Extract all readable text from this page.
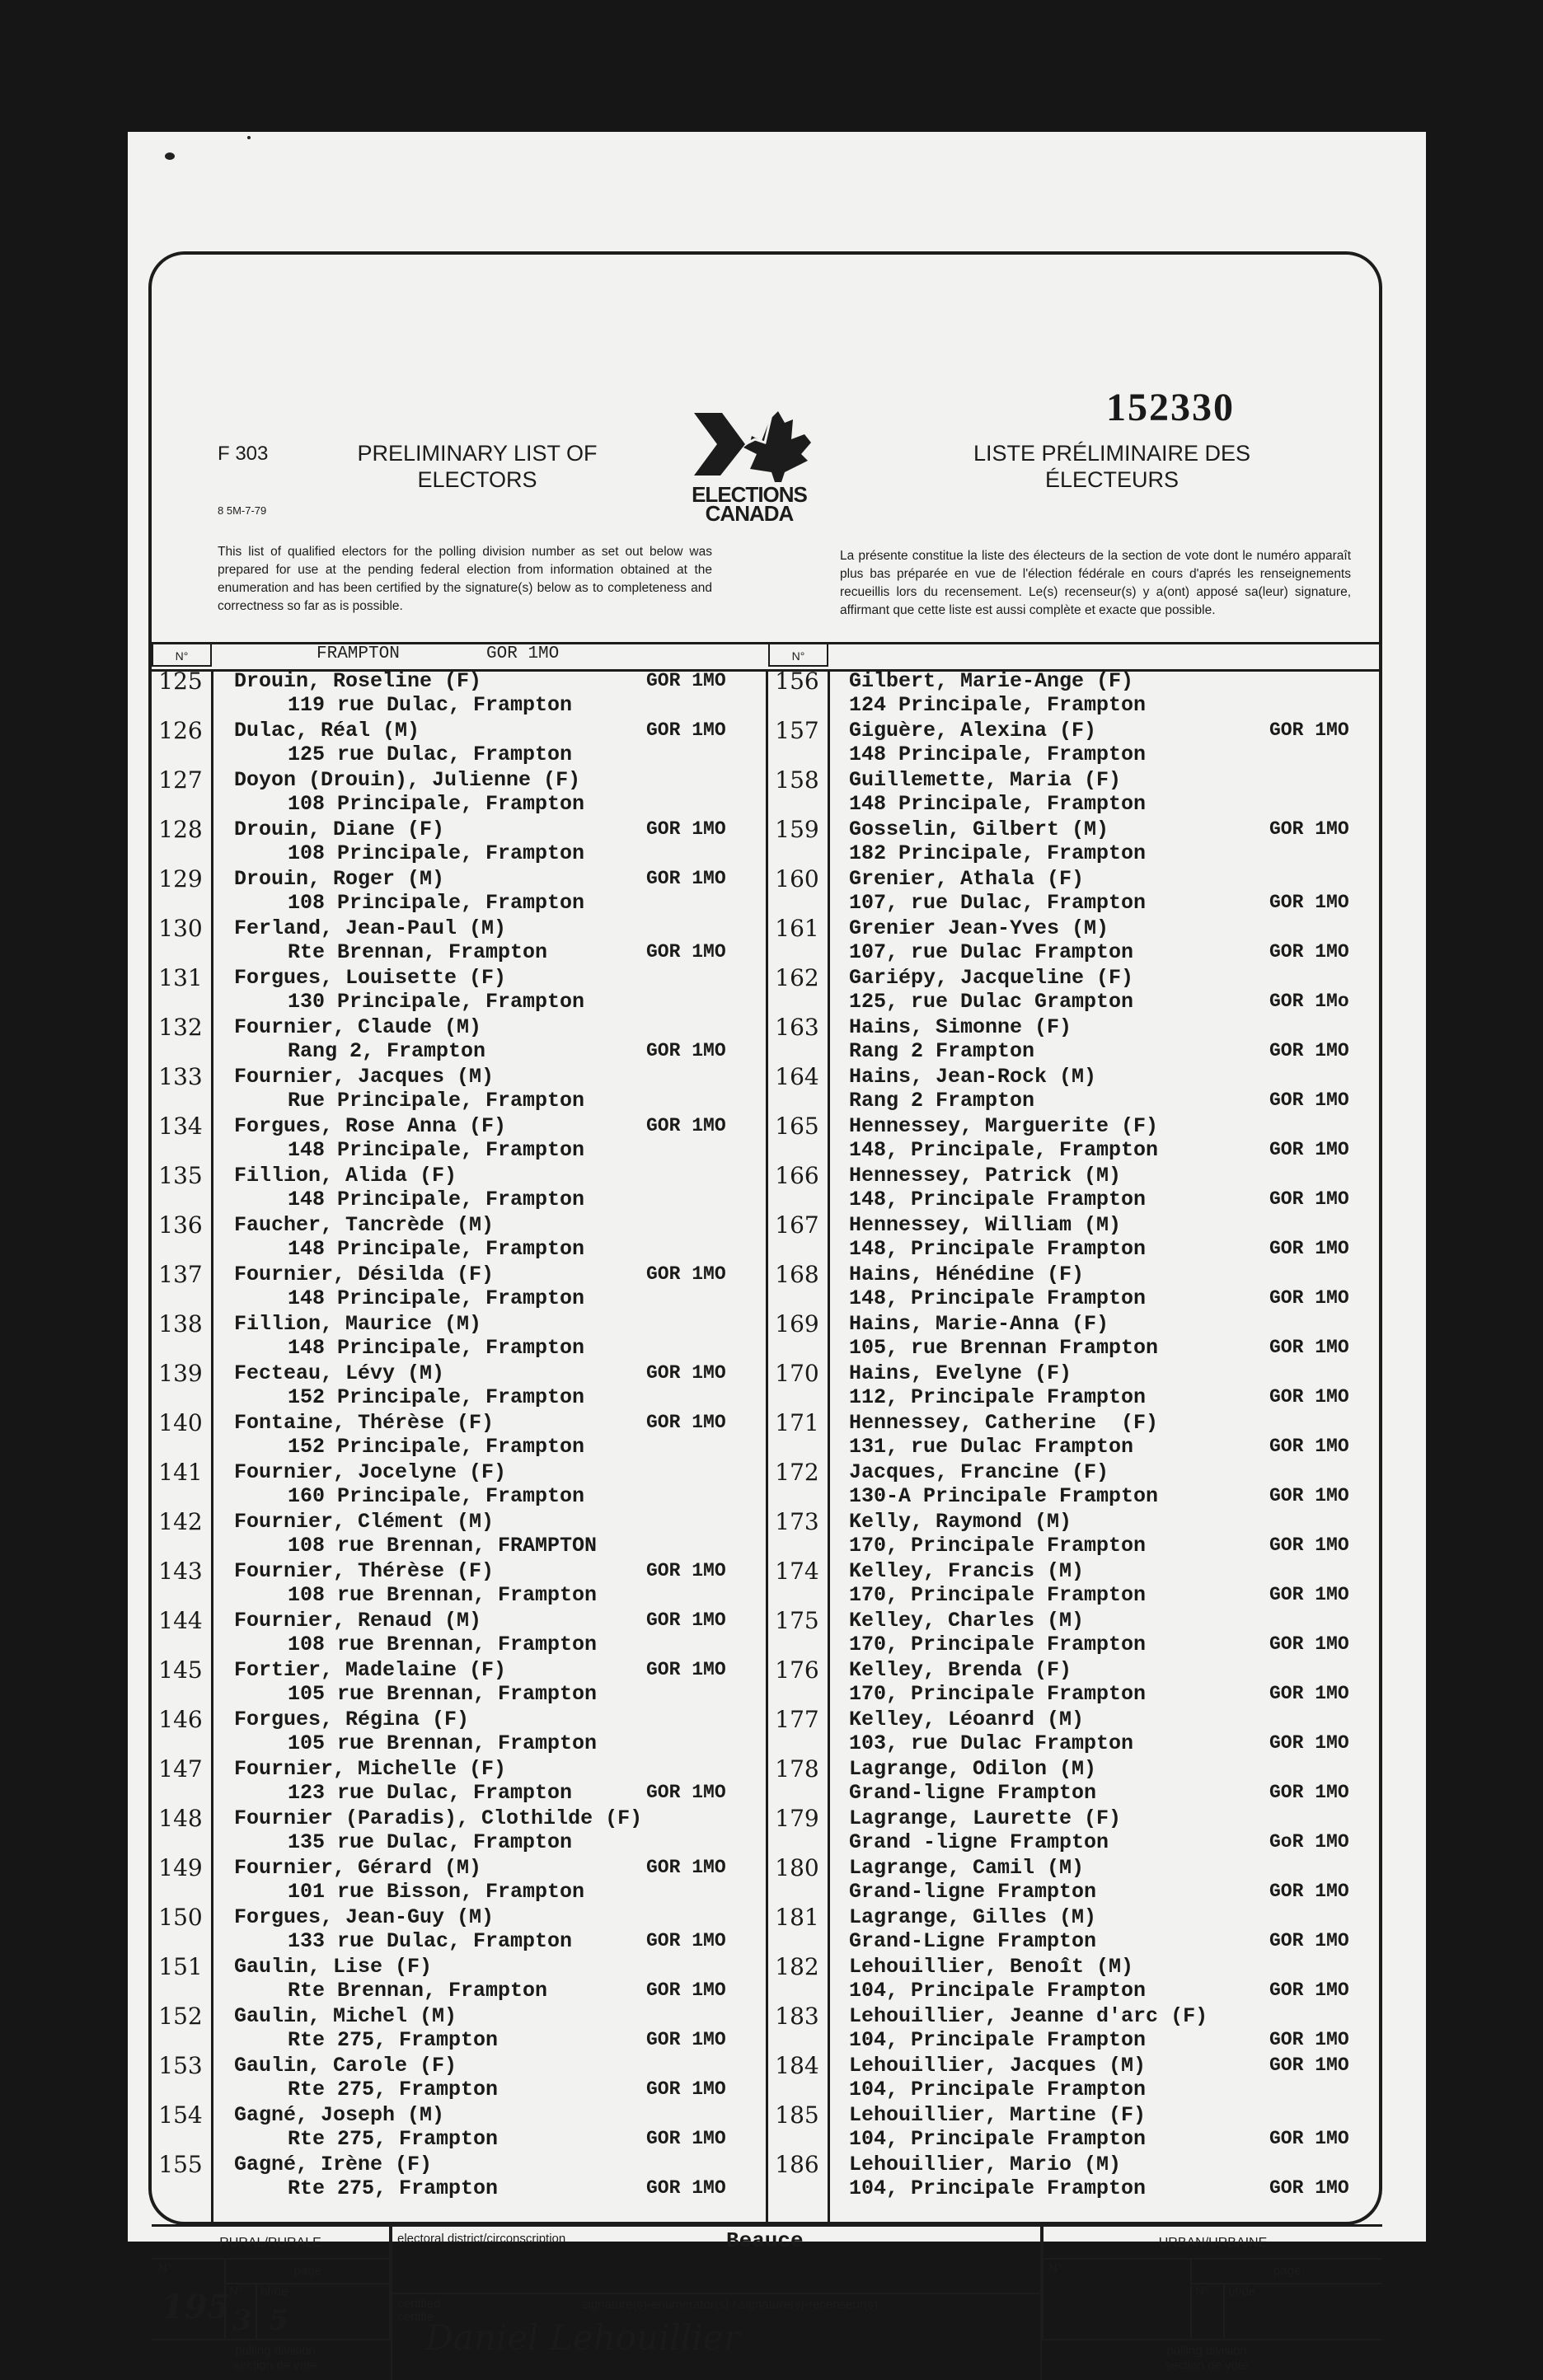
152330
F 303
8 5M-7-79
PRELIMINARY LIST OF
ELECTORS
ELECTIONS
CANADA
LISTE PRÉLIMINAIRE DES
ÉLECTEURS
This list of qualified electors for the polling division number as set out below was prepared for use at the pending federal election from information obtained at the enumeration and has been certified by the signature(s) below as to completeness and correctness so far as is possible.
La présente constitue la liste des électeurs de la section de vote dont le numéro apparaît plus bas préparée en vue de l'élection fédérale en cours d'aprés les renseignements recueillis lors du recensement. Le(s) recenseur(s) y a(ont) apposé sa(leur) signature, affirmant que cette liste est aussi complète et exacte que possible.
N°	N°
FRAMPTON	GOR 1MO
125	Drouin, Roseline (F)
119 rue Dulac, Frampton
GOR 1MO
126	Dulac, Réal (M)
125 rue Dulac, Frampton
GOR 1MO
127	Doyon (Drouin), Julienne (F)
108 Principale, Frampton
128	Drouin, Diane (F)
108 Principale, Frampton
GOR 1MO
129	Drouin, Roger (M)
108 Principale, Frampton
GOR 1MO
130	Ferland, Jean-Paul (M)
Rte Brennan, Frampton	GOR 1MO
131	Forgues, Louisette (F)
130 Principale, Frampton
132	Fournier, Claude (M)
Rang 2, Frampton	GOR 1MO
133	Fournier, Jacques (M)
Rue Principale, Frampton
134	Forgues, Rose Anna (F)
148 Principale, Frampton
GOR 1MO
135	Fillion, Alida (F)
148 Principale, Frampton
136	Faucher, Tancrède (M)
148 Principale, Frampton
137	Fournier, Désilda (F)
148 Principale, Frampton
GOR 1MO
138	Fillion, Maurice (M)
148 Principale, Frampton
139	Fecteau, Lévy (M)
152 Principale, Frampton
GOR 1MO
140	Fontaine, Thérèse (F)
152 Principale, Frampton
GOR 1MO
141	Fournier, Jocelyne (F)
160 Principale, Frampton
142	Fournier, Clément (M)
108 rue Brennan, FRAMPTON
143	Fournier, Thérèse (F)
108 rue Brennan, Frampton
GOR 1MO
144	Fournier, Renaud (M)
108 rue Brennan, Frampton
GOR 1MO
145	Fortier, Madelaine (F)
105 rue Brennan, Frampton
GOR 1MO
146	Forgues, Régina (F)
105 rue Brennan, Frampton
147	Fournier, Michelle (F)
123 rue Dulac, Frampton	GOR 1MO
148	Fournier (Paradis), Clothilde (F)
135 rue Dulac, Frampton
149	Fournier, Gérard (M)
101 rue Bisson, Frampton
GOR 1MO
150	Forgues, Jean-Guy (M)
133 rue Dulac, Frampton	GOR 1MO
151	Gaulin, Lise (F)
Rte Brennan, Frampton	GOR 1MO
152	Gaulin, Michel (M)
Rte 275, Frampton	GOR 1MO
153	Gaulin, Carole (F)
Rte 275, Frampton	GOR 1MO
154	Gagné, Joseph (M)
Rte 275, Frampton	GOR 1MO
155	Gagné, Irène (F)
Rte 275, Frampton	GOR 1MO
156	Gilbert, Marie-Ange (F)
124 Principale, Frampton
157	Giguère, Alexina (F)
148 Principale, Frampton
GOR 1MO
158	Guillemette, Maria (F)
148 Principale, Frampton
159	Gosselin, Gilbert (M)
182 Principale, Frampton
GOR 1MO
160	Grenier, Athala (F)
107, rue Dulac, Frampton	GOR 1MO
161	Grenier Jean-Yves (M)
107, rue Dulac Frampton	GOR 1MO
162	Gariépy, Jacqueline (F)
125, rue Dulac Grampton	GOR 1Mo
163	Hains, Simonne (F)
Rang 2 Frampton	GOR 1MO
164	Hains, Jean-Rock (M)
Rang 2 Frampton	GOR 1MO
165	Hennessey, Marguerite (F)
148, Principale, Frampton	GOR 1MO
166	Hennessey, Patrick (M)
148, Principale Frampton	GOR 1MO
167	Hennessey, William (M)
148, Principale Frampton	GOR 1MO
168	Hains, Hénédine (F)
148, Principale Frampton	GOR 1MO
169	Hains, Marie-Anna (F)
105, rue Brennan Frampton	GOR 1MO
170	Hains, Evelyne (F)
112, Principale Frampton	GOR 1MO
171	Hennessey, Catherine  (F)
131, rue Dulac Frampton	GOR 1MO
172	Jacques, Francine (F)
130-A Principale Frampton	GOR 1MO
173	Kelly, Raymond (M)
170, Principale Frampton	GOR 1MO
174	Kelley, Francis (M)
170, Principale Frampton	GOR 1MO
175	Kelley, Charles (M)
170, Principale Frampton	GOR 1MO
176	Kelley, Brenda (F)
170, Principale Frampton	GOR 1MO
177	Kelley, Léoanrd (M)
103, rue Dulac Frampton	GOR 1MO
178	Lagrange, Odilon (M)
Grand-ligne Frampton	GOR 1MO
179	Lagrange, Laurette (F)
Grand -ligne Frampton	GoR 1MO
180	Lagrange, Camil (M)
Grand-ligne Frampton	GOR 1MO
181	Lagrange, Gilles (M)
Grand-Ligne Frampton	GOR 1MO
182	Lehouillier, Benoît (M)
104, Principale Frampton	GOR 1MO
183	Lehouillier, Jeanne d'arc (F)
104, Principale Frampton	GOR 1MO
184	Lehouillier, Jacques (M)
104, Principale Frampton
GOR 1MO
185	Lehouillier, Martine (F)
104, Principale Frampton	GOR 1MO
186	Lehouillier, Mario (M)
104, Principale Frampton	GOR 1MO
RURAL/RURALE
N°
195
page
N°
3
of/de
5
polling division
section de vote
electoral district/circonscription	Beauce
certified
certifié
signature(s)-enumerator(s) / signature(s)-recenseur(s)
Daniel Lehouillier
URBAN/URBAINE
N°	page
N° of/de
polling division
section de vote
